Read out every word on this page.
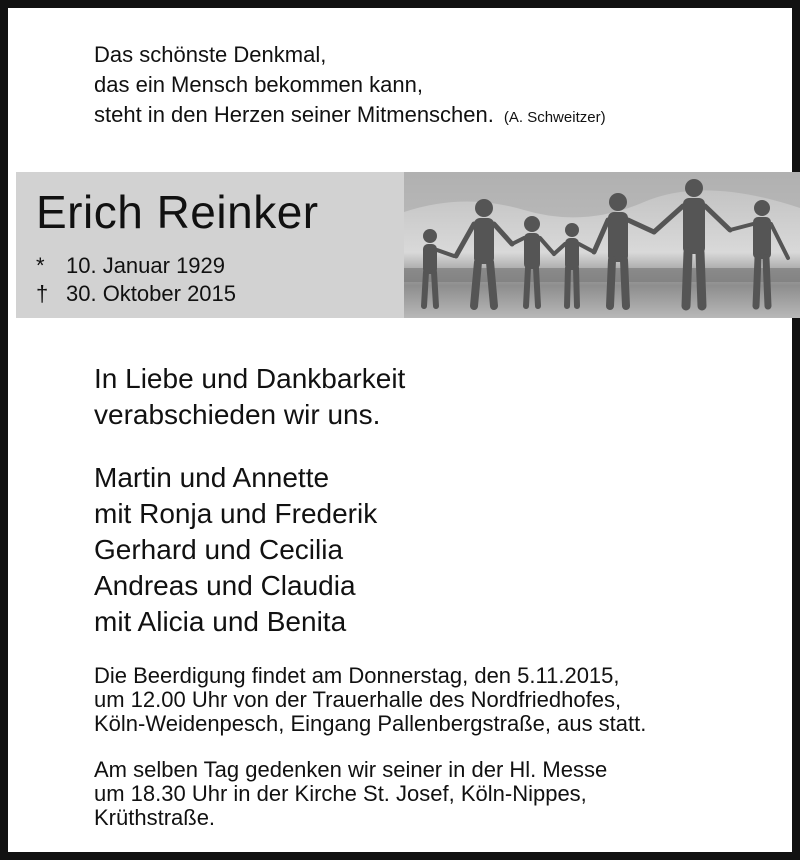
Das schönste Denkmal,
das ein Mensch bekommen kann,
steht in den Herzen seiner Mitmenschen. (A. Schweitzer)
Erich Reinker
* 10. Januar 1929
† 30. Oktober 2015
In Liebe und Dankbarkeit
verabschieden wir uns.
Martin und Annette
mit Ronja und Frederik
Gerhard und Cecilia
Andreas und Claudia
mit Alicia und Benita
Die Beerdigung findet am Donnerstag, den 5.11.2015,
um 12.00 Uhr von der Trauerhalle des Nordfriedhofes,
Köln-Weidenpesch, Eingang Pallenbergstraße, aus statt.
Am selben Tag gedenken wir seiner in der Hl. Messe
um 18.30 Uhr in der Kirche St. Josef, Köln-Nippes,
Krüthstraße.
